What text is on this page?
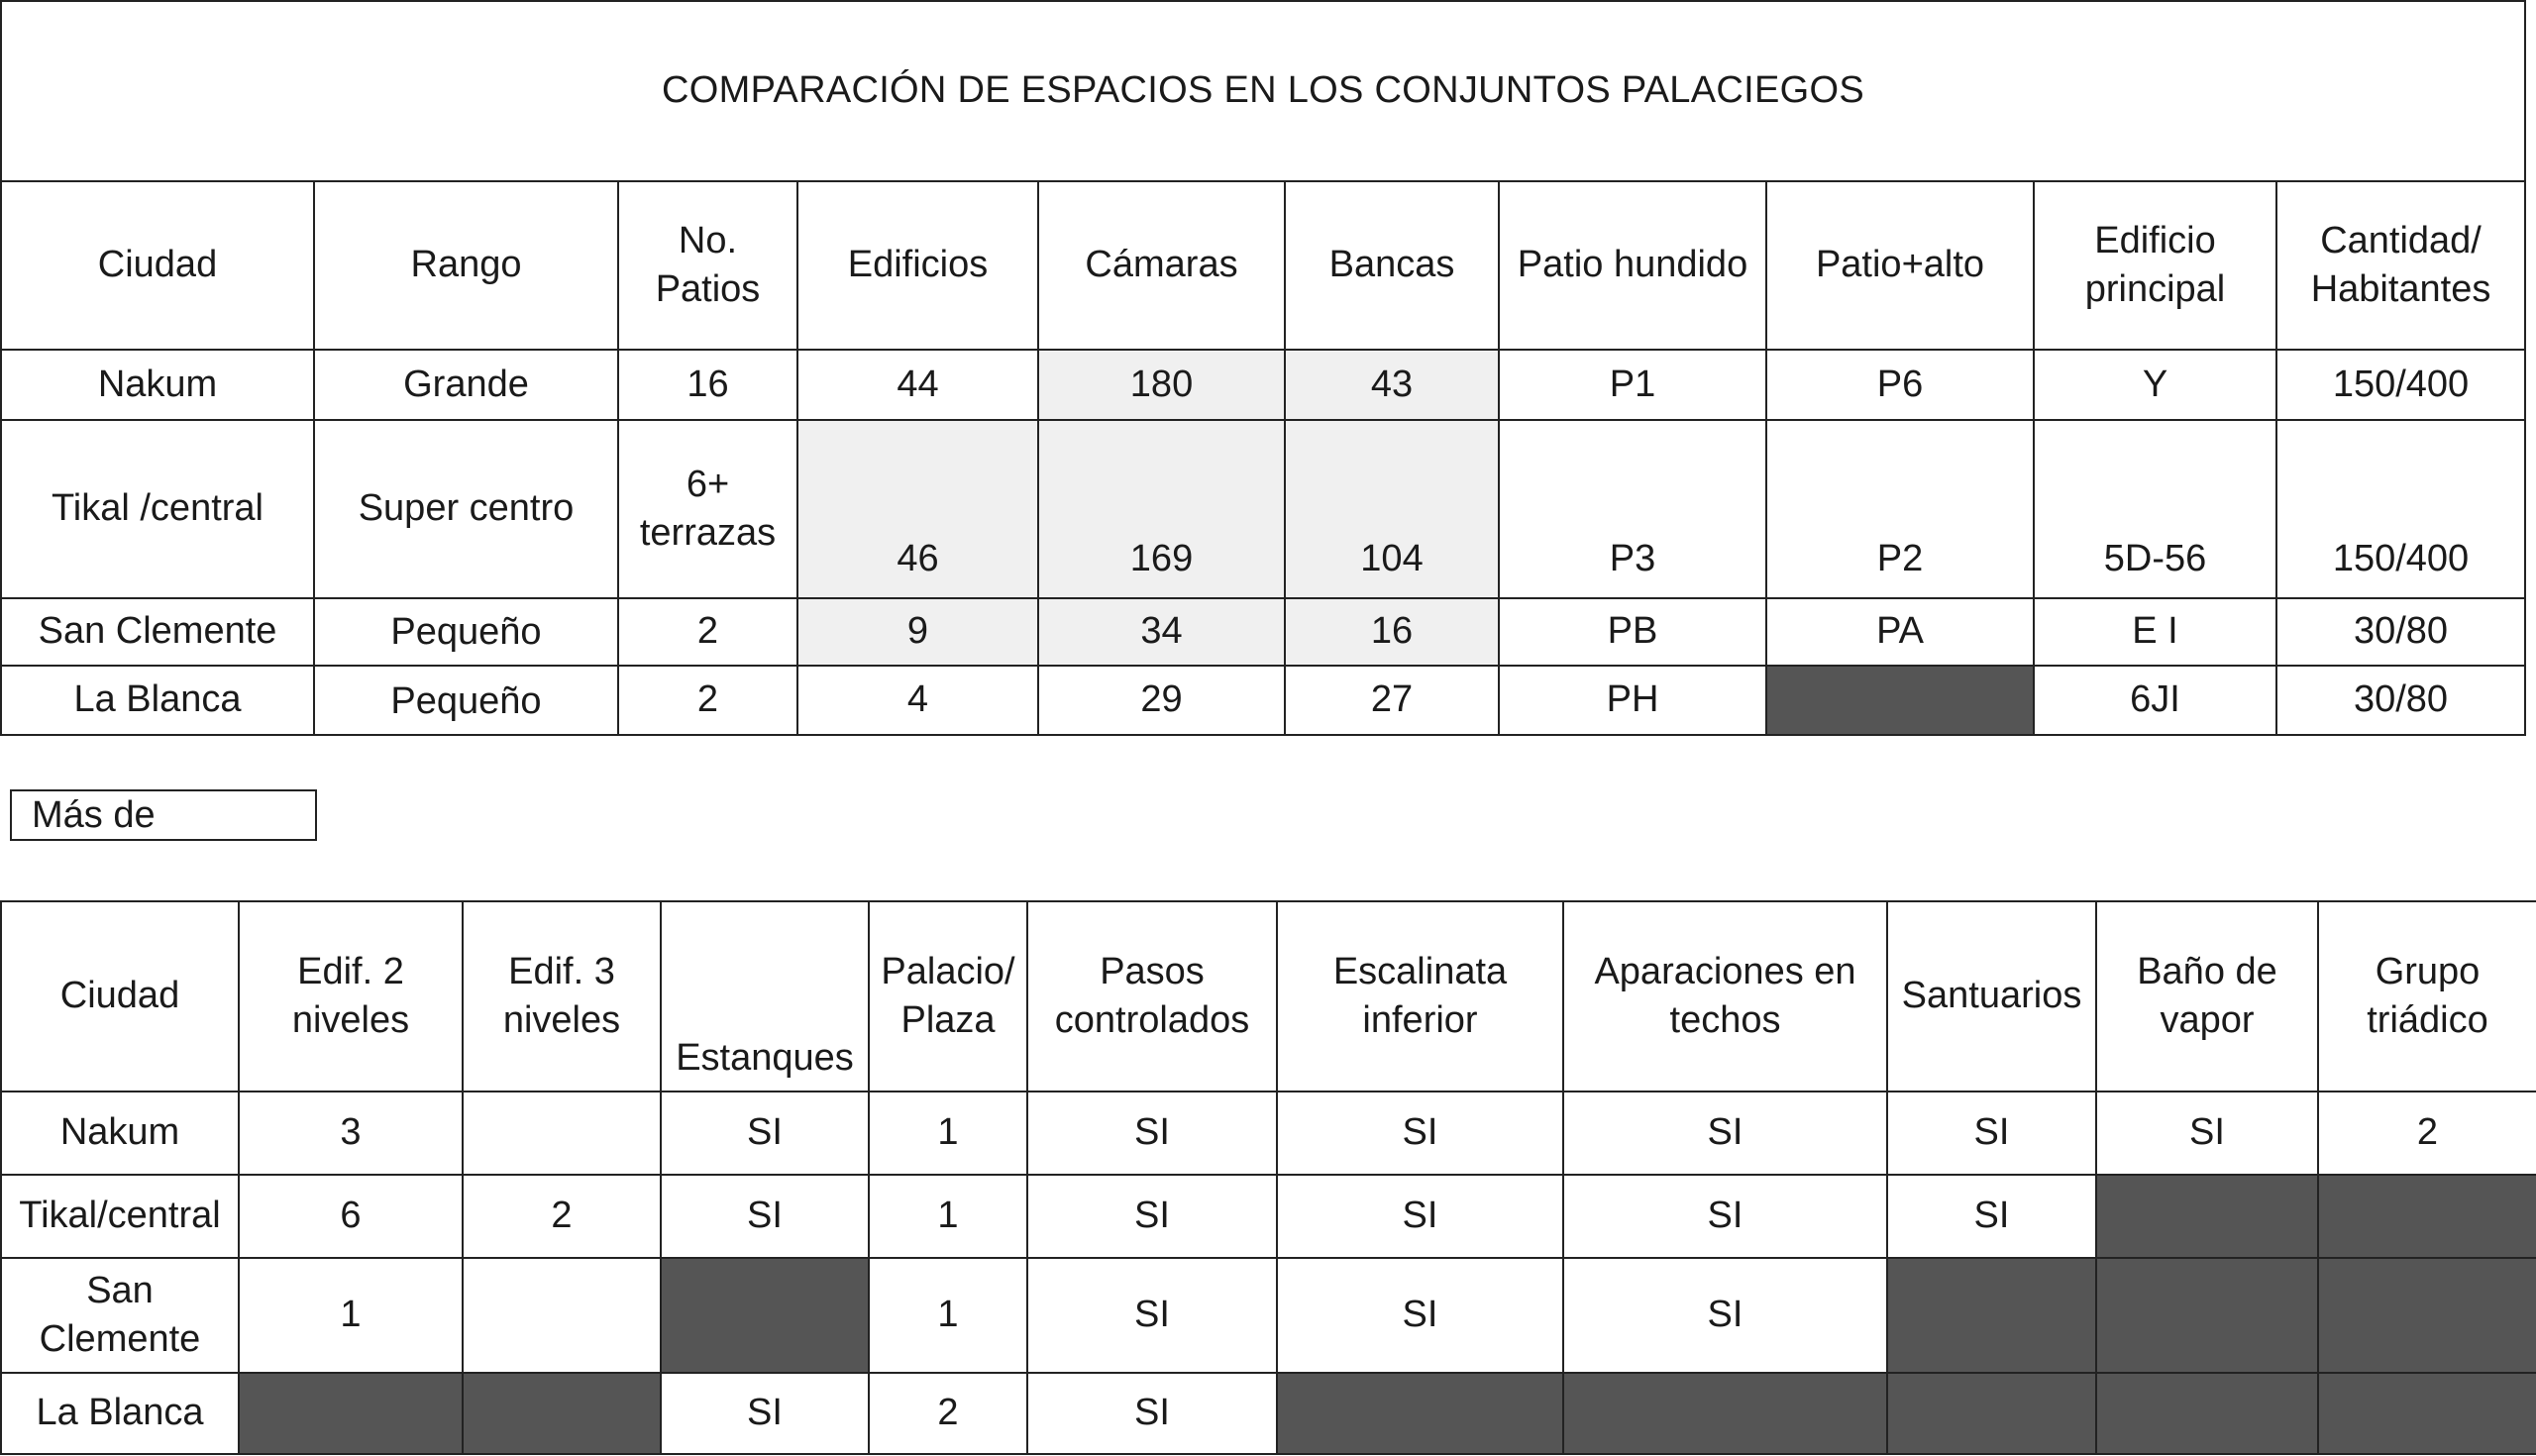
COMPARACIÓN DE ESPACIOS EN LOS CONJUNTOS PALACIEGOS									
Ciudad	Rango	No. Patios	Edificios	Cámaras	Bancas	Patio hundido	Patio+alto	Edificio principal	Cantidad/ Habitantes
Nakum	Grande	16	44	180	43	P1	P6	Y	150/400
Tikal /central	Super centro	6+ terrazas	46	169	104	P3	P2	5D-56	150/400
San Clemente	Pequeño	2	9	34	16	PB	PA	E I	30/80
La Blanca	Pequeño	2	4	29	27	PH		6JI	30/80
Más de
Ciudad	Edif. 2 niveles	Edif. 3 niveles	Estanques	Palacio/ Plaza	Pasos controlados	Escalinata inferior	Aparaciones en techos	Santuarios	Baño de vapor	Grupo triádico
Nakum	3		SI	1	SI	SI	SI	SI	SI	2
Tikal/central	6	2	SI	1	SI	SI	SI	SI		
San Clemente	1			1	SI	SI	SI			
La Blanca			SI	2	SI					
